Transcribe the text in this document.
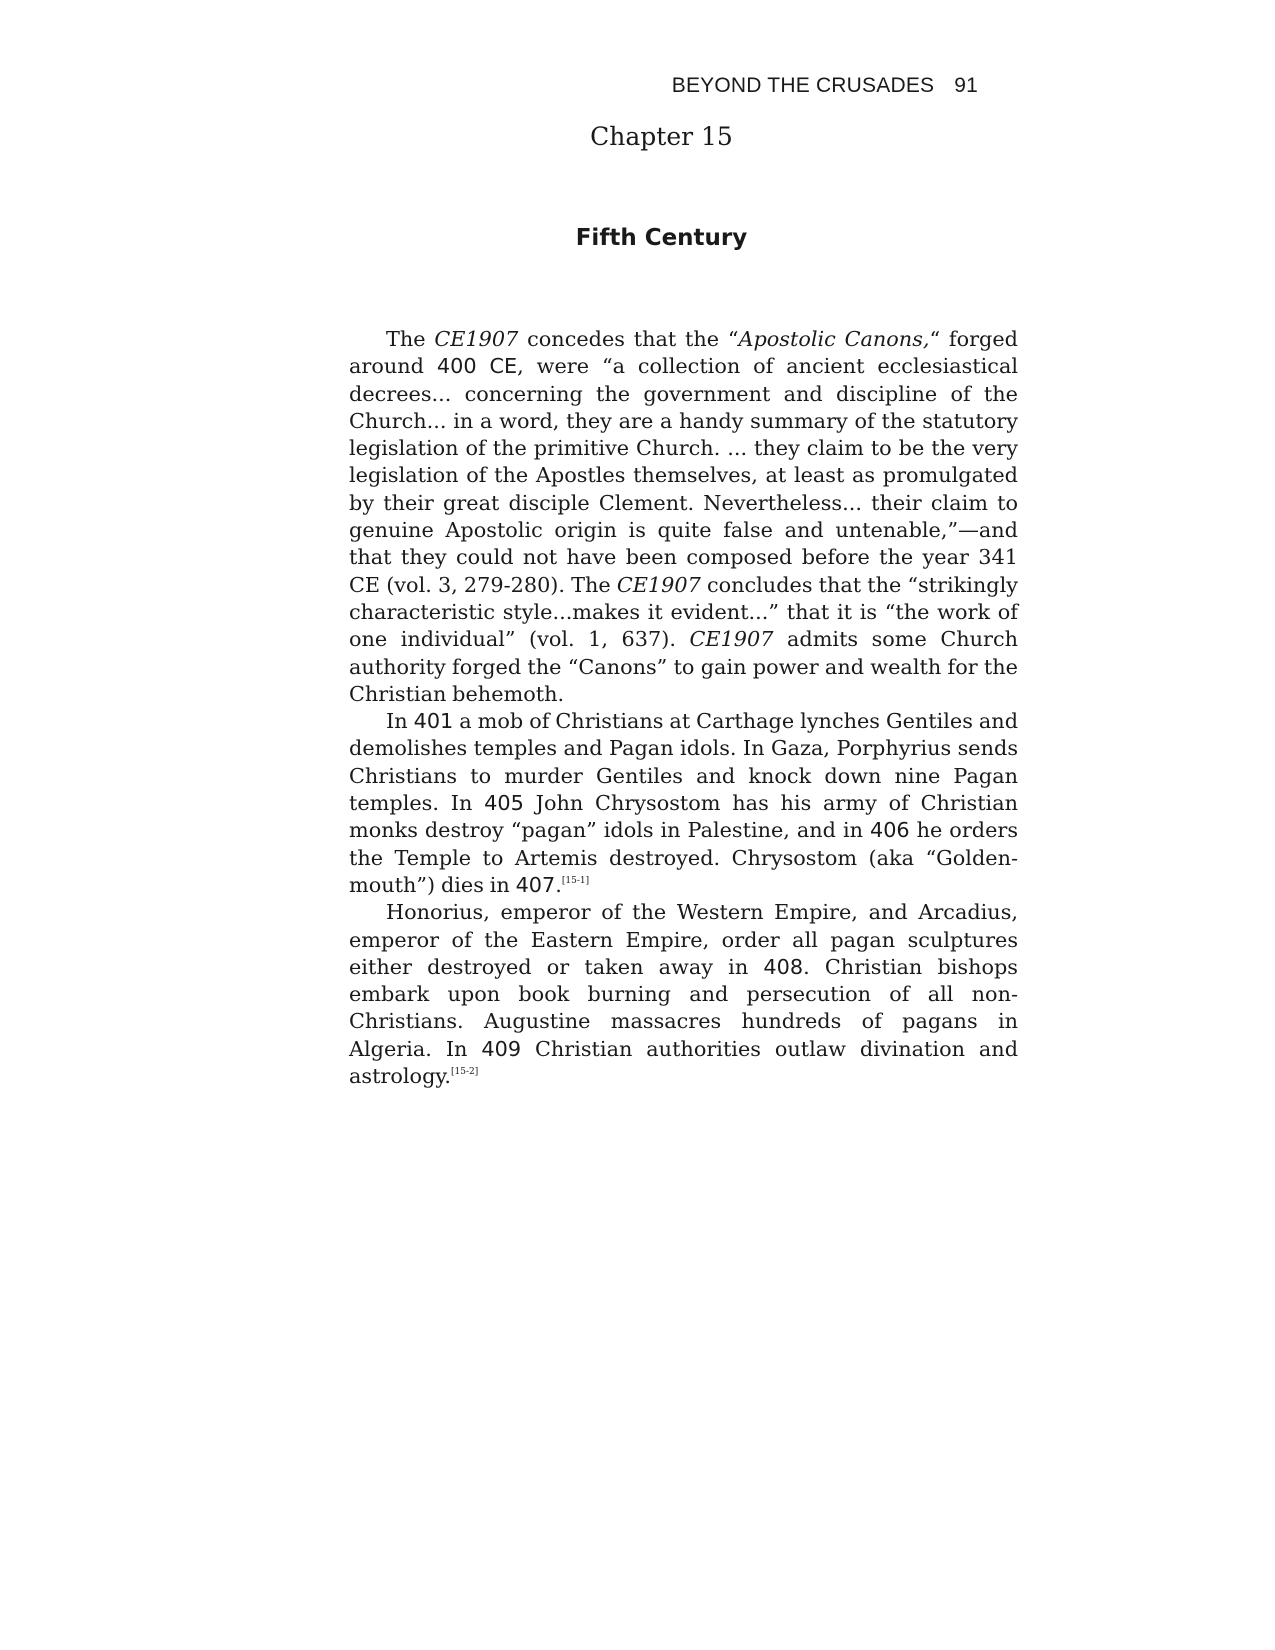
BEYOND THE CRUSADES 91
Chapter 15
Fifth Century

The CE1907 concedes that the “Apostolic Canons,“ forged around 400 CE, were “a collection of ancient ecclesiastical decrees... concerning the government and discipline of the Church... in a word, they are a handy summary of the statutory legislation of the primitive Church. ... they claim to be the very legislation of the Apostles themselves, at least as promulgated by their great disciple Clement. Nevertheless... their claim to genuine Apostolic origin is quite false and untenable,”—and that they could not have been composed before the year 341 CE (vol. 3, 279-280). The CE1907 concludes that the “strikingly characteristic style...makes it evident...” that it is “the work of one individual” (vol. 1, 637). CE1907 admits some Church authority forged the “Canons” to gain power and wealth for the Christian behemoth.

In 401 a mob of Christians at Carthage lynches Gentiles and demolishes temples and Pagan idols. In Gaza, Porphyrius sends Christians to murder Gentiles and knock down nine Pagan temples. In 405 John Chrysostom has his army of Christian monks destroy “pagan” idols in Palestine, and in 406 he orders the Temple to Artemis destroyed. Chrysostom (aka “Golden-mouth”) dies in 407.[15-1]

Honorius, emperor of the Western Empire, and Arcadius, emperor of the Eastern Empire, order all pagan sculptures either destroyed or taken away in 408. Christian bishops embark upon book burning and persecution of all non-Christians. Augustine massacres hundreds of pagans in Algeria. In 409 Christian authorities outlaw divination and astrology.[15-2]
